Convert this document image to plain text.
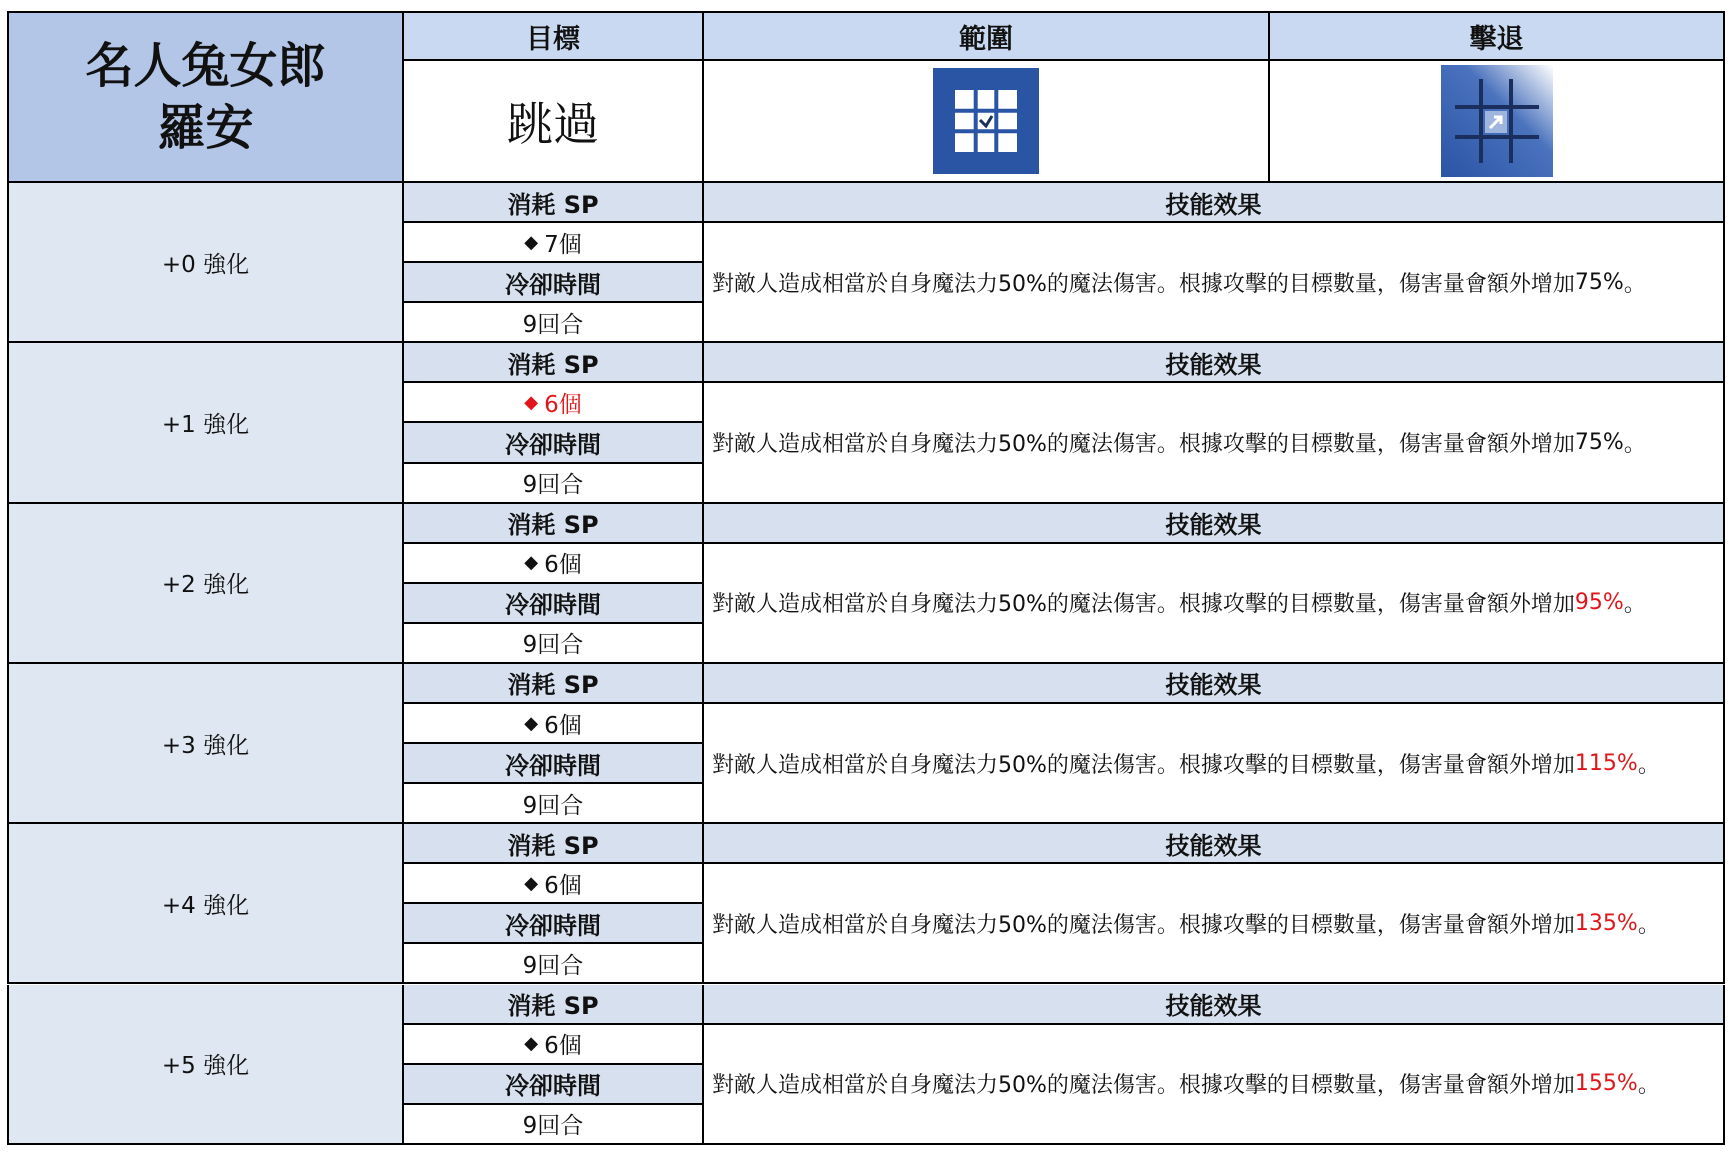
名人兔女郎
羅安
目標	範圍	擊退
跳過
+0 強化
消耗 SP
◆ 7個
冷卻時間
9回合
技能效果
對敵人造成相當於自身魔法力50%的魔法傷害。根據攻擊的目標數量，傷害量會額外增加 75% 。
+1 強化
消耗 SP
◆ 6個
冷卻時間
9回合
技能效果
對敵人造成相當於自身魔法力50%的魔法傷害。根據攻擊的目標數量，傷害量會額外增加 75% 。
+2 強化
消耗 SP
◆ 6個
冷卻時間
9回合
技能效果
對敵人造成相當於自身魔法力50%的魔法傷害。根據攻擊的目標數量，傷害量會額外增加 95% 。
+3 強化
消耗 SP
◆ 6個
冷卻時間
9回合
技能效果
對敵人造成相當於自身魔法力50%的魔法傷害。根據攻擊的目標數量，傷害量會額外增加 115% 。
+4 強化
消耗 SP
◆ 6個
冷卻時間
9回合
技能效果
對敵人造成相當於自身魔法力50%的魔法傷害。根據攻擊的目標數量，傷害量會額外增加 135% 。
+5 強化
消耗 SP
◆ 6個
冷卻時間
9回合
技能效果
對敵人造成相當於自身魔法力50%的魔法傷害。根據攻擊的目標數量，傷害量會額外增加 155% 。
